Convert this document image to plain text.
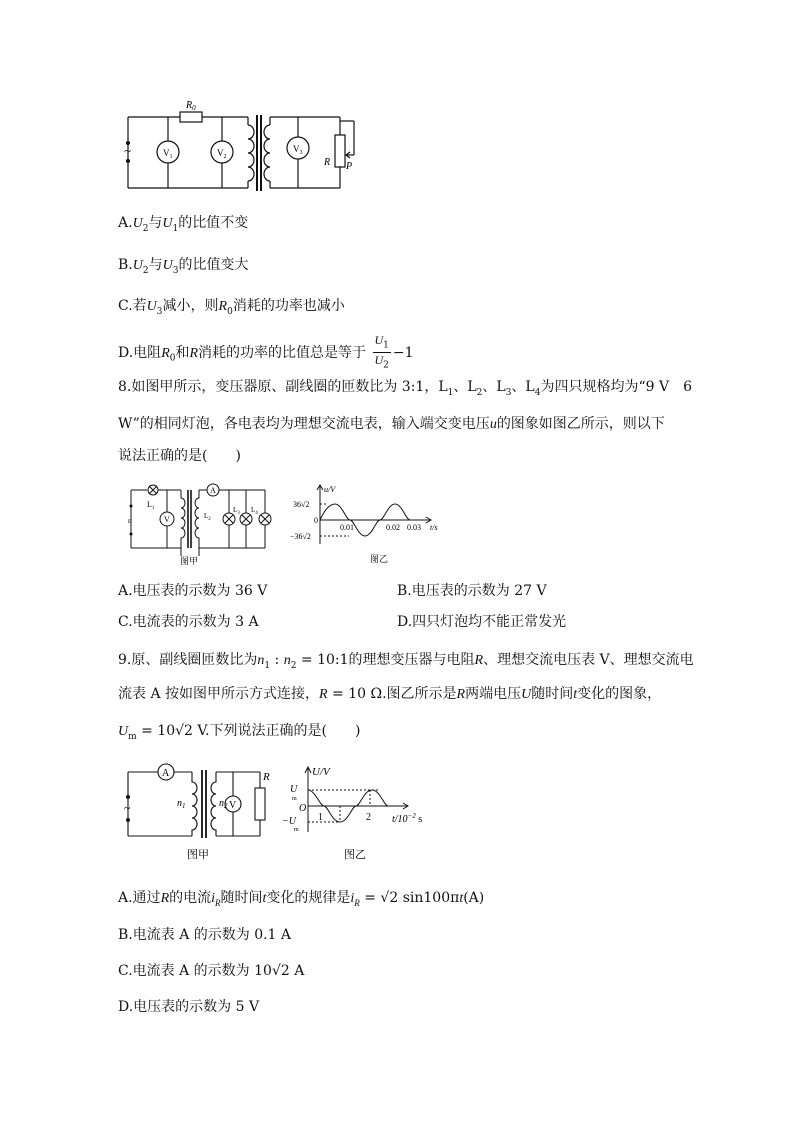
~
$R_0$
$V_1$	$V_2$
$V_3$
R P
$A.U_2$与$U_1$的比值不变
$B.U_2$与$U_3$的比值变大
C.若$U_3$减小，则$R_0$消耗的功率也减小
D.电阻$R_0$和R消耗的功率的比值总是等于 $\frac{U_1}{U_2} -1$
8.如图甲所示，变压器原、副线圈的匝数比为 3:1，$L_1$、$L_2$、$L_3$、$L_4$为四只规格均为“9 V　6
W”的相同灯泡，各电表均为理想交流电表，输入端交变电压u的图象如图乙所示，则以下
说法正确的是(　　)
u
$L_1$
V
A
$L_2$
$L_3$ $L_4$
图甲
u/V
36√2
0
−36√2
0.01	0.02 0.03 t/s
图乙
A.电压表的示数为 36 V	B.电压表的示数为 27 V
C.电流表的示数为 3 A	D.四只灯泡均不能正常发光
9.原、副线圈匝数比为$n_1$ : $n_2$ = 10:1的理想变压器与电阻R、理想交流电压表 V、理想交流电
流表 A 按如图甲所示方式连接，R = 10 Ω.图乙所示是R两端电压U随时间t变化的图象，
$U_m = 10√2$ V.下列说法正确的是(　　)
~
A
$n_1$	$n_2$ V
R
图甲
U/V
U
m
O
−U
m
1	2 $t/10^{-2}$ s
图乙
A.通过R的电流$i_R$随时间t变化的规律是$i_R = √2$ sin100πt(A)
B.电流表 A 的示数为 0.1 A
C.电流表 A 的示数为 10√2 A
D.电压表的示数为 5 V
